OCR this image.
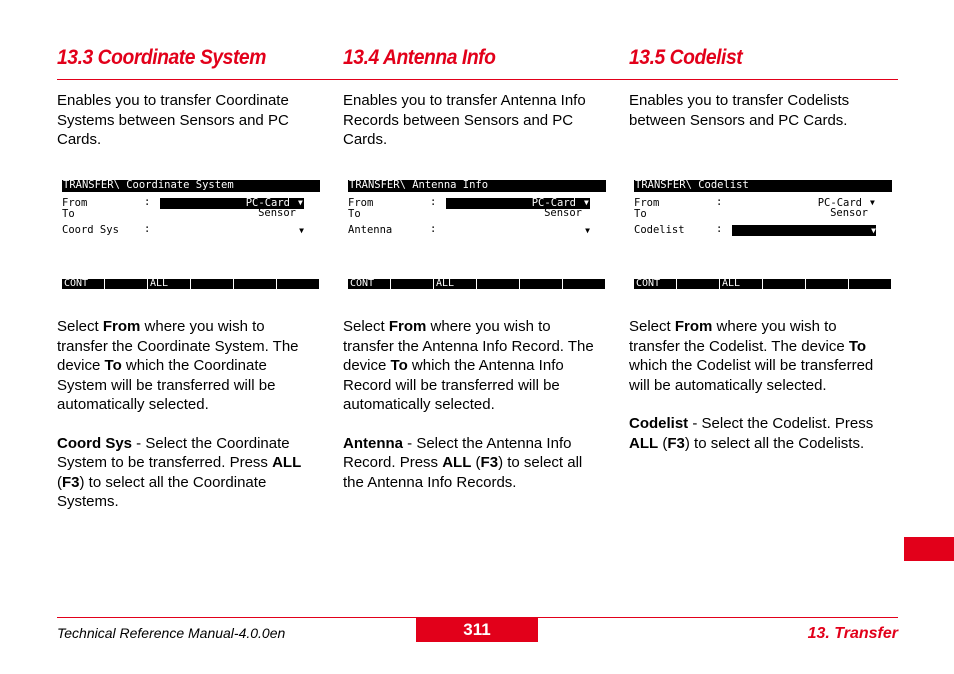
13.3 Coordinate System
Enables you to transfer Coordinate Systems between Sensors and PC Cards.
TRANSFER\ Coordinate System
From	:	PC-Card	▼
To	Sensor
Coord Sys :	▼
CONT	ALL

Select From where you wish to transfer the Coordinate System. The device To which the Coordinate System will be transferred will be automatically selected.

Coord Sys - Select the Coordinate System to be transferred. Press ALL (F3) to select all the Coordinate Systems.

13.4 Antenna Info
Enables you to transfer Antenna Info Records between Sensors and PC Cards.
TRANSFER\ Antenna Info
From	:	PC-Card	▼
To	Sensor
Antenna	:	▼
CONT	ALL

Select From where you wish to transfer the Antenna Info Record. The device To which the Antenna Info Record will be transferred will be automatically selected.

Antenna - Select the Antenna Info Record. Press ALL (F3) to select all the Antenna Info Records.

13.5 Codelist
Enables you to transfer Codelists between Sensors and PC Cards.
TRANSFER\ Codelist
From	:	PC-Card	▼
To	Sensor
Codelist	:	▼
CONT	ALL

Select From where you wish to transfer the Codelist. The device To which the Codelist will be transferred will be automatically selected.

Codelist - Select the Codelist. Press ALL (F3) to select all the Codelists.

Technical Reference Manual-4.0.0en	311	13. Transfer
